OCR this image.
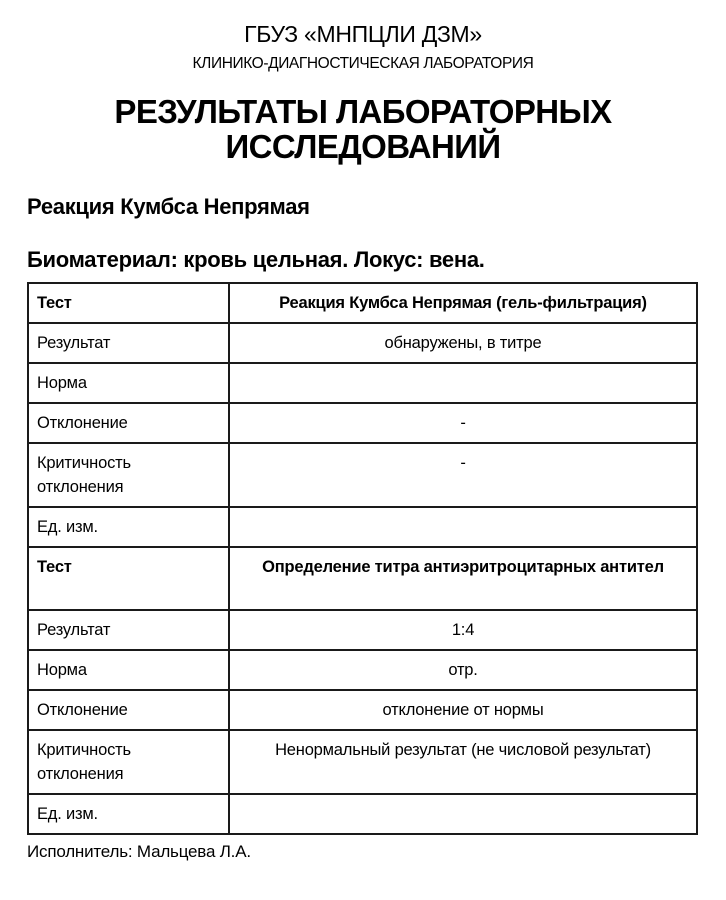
ГБУЗ «МНПЦЛИ ДЗМ»
КЛИНИКО-ДИАГНОСТИЧЕСКАЯ ЛАБОРАТОРИЯ
РЕЗУЛЬТАТЫ ЛАБОРАТОРНЫХ
ИССЛЕДОВАНИЙ
Реакция Кумбса Непрямая
Биоматериал: кровь цельная. Локус: вена.
Тест	Реакция Кумбса Непрямая (гель-фильтрация)
Результат	обнаружены, в титре
Норма	
Отклонение	-
Критичность отклонения	-
Ед. изм.	
Тест	Определение титра антиэритроцитарных антител
Результат	1:4
Норма	отр.
Отклонение	отклонение от нормы
Критичность отклонения	Ненормальный результат (не числовой результат)
Ед. изм.	
Исполнитель: Мальцева Л.А.
